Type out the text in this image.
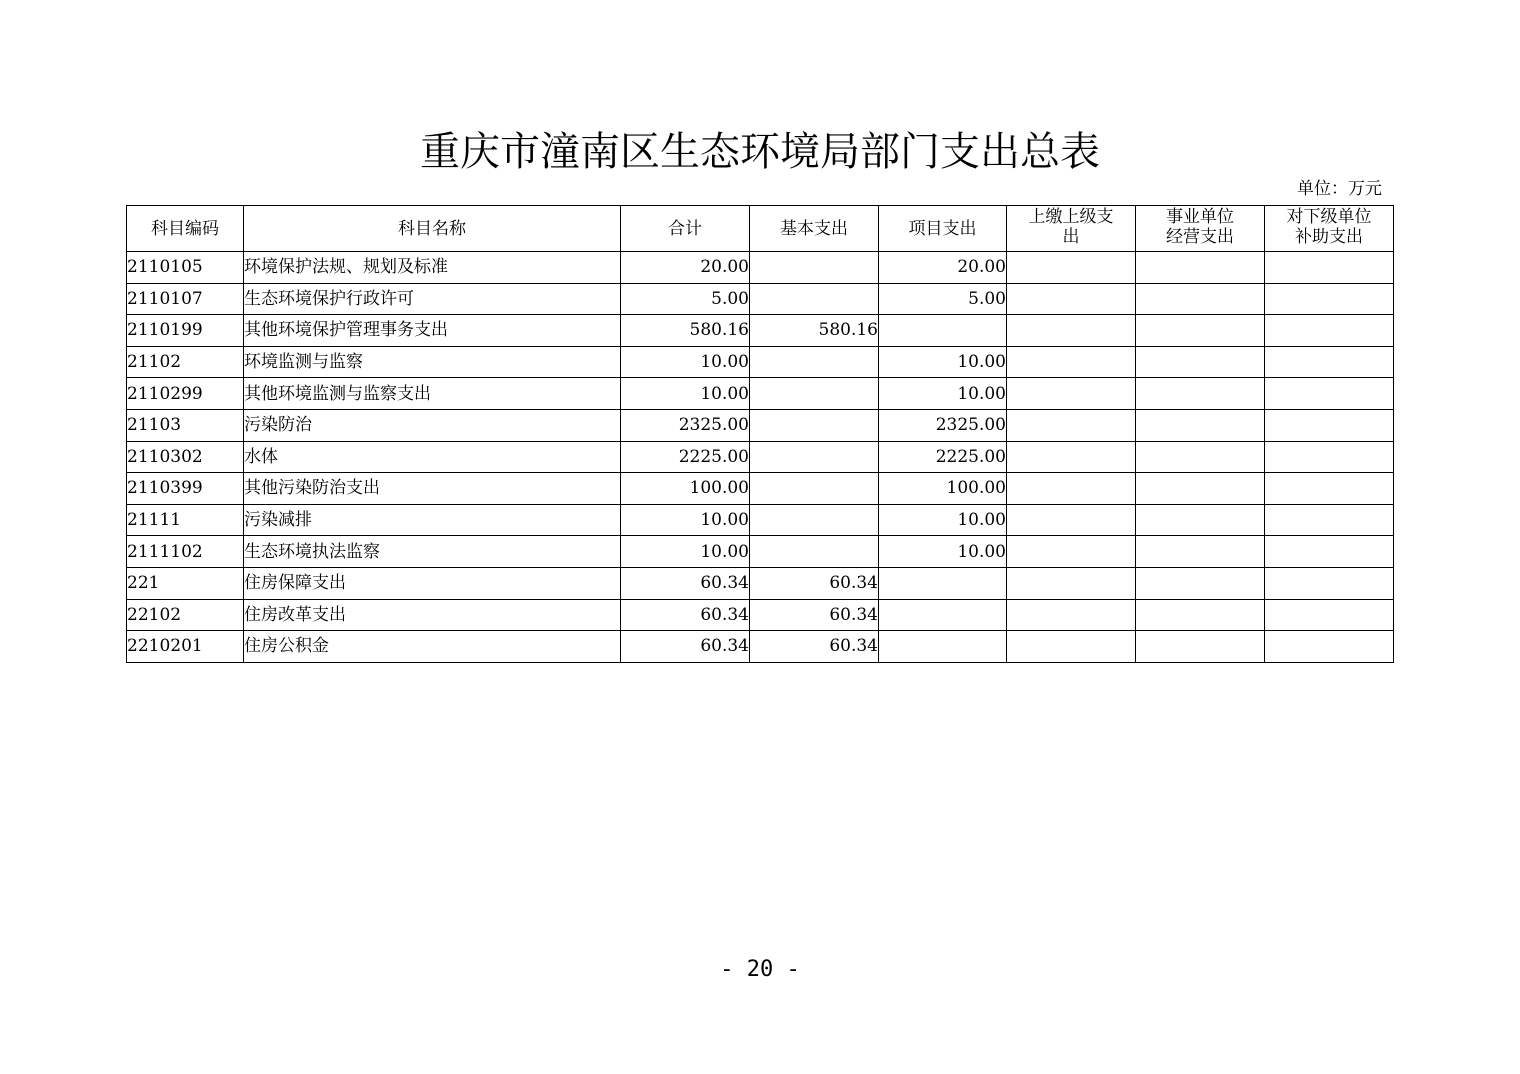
重庆市潼南区生态环境局部门支出总表
单位：万元
科目编码	科目名称	合计	基本支出	项目支出	上缴上级支出	事业单位经营支出	对下级单位补助支出
2110105	环境保护法规、规划及标准	20.00		20.00			
2110107	生态环境保护行政许可	5.00		5.00			
2110199	其他环境保护管理事务支出	580.16	580.16				
21102	环境监测与监察	10.00		10.00			
2110299	其他环境监测与监察支出	10.00		10.00			
21103	污染防治	2325.00		2325.00			
2110302	水体	2225.00		2225.00			
2110399	其他污染防治支出	100.00		100.00			
21111	污染减排	10.00		10.00			
2111102	生态环境执法监察	10.00		10.00			
221	住房保障支出	60.34	60.34				
22102	住房改革支出	60.34	60.34				
2210201	住房公积金	60.34	60.34				
- 20 -
